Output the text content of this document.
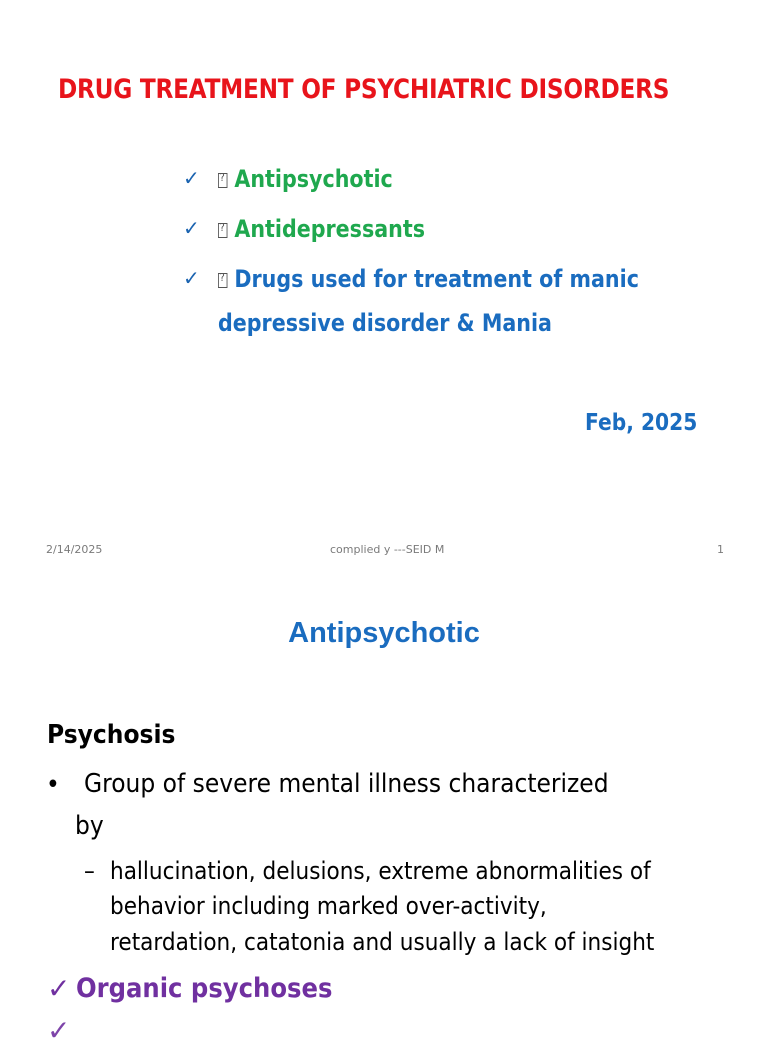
DRUG TREATMENT OF PSYCHIATRIC DISORDERS
✓ ?	Antipsychotic
✓ ?	Antidepressants
✓ ?	Drugs used for treatment of manic
depressive disorder & Mania
Feb, 2025
2/14/2025	complied y ---SEID M	1
Antipsychotic
Psychosis
• Group of severe mental illness characterized
by
– hallucination, delusions, extreme abnormalities of
behavior including marked over-activity,
retardation, catatonia and usually a lack of insight
✓ Organic psychoses
✓
